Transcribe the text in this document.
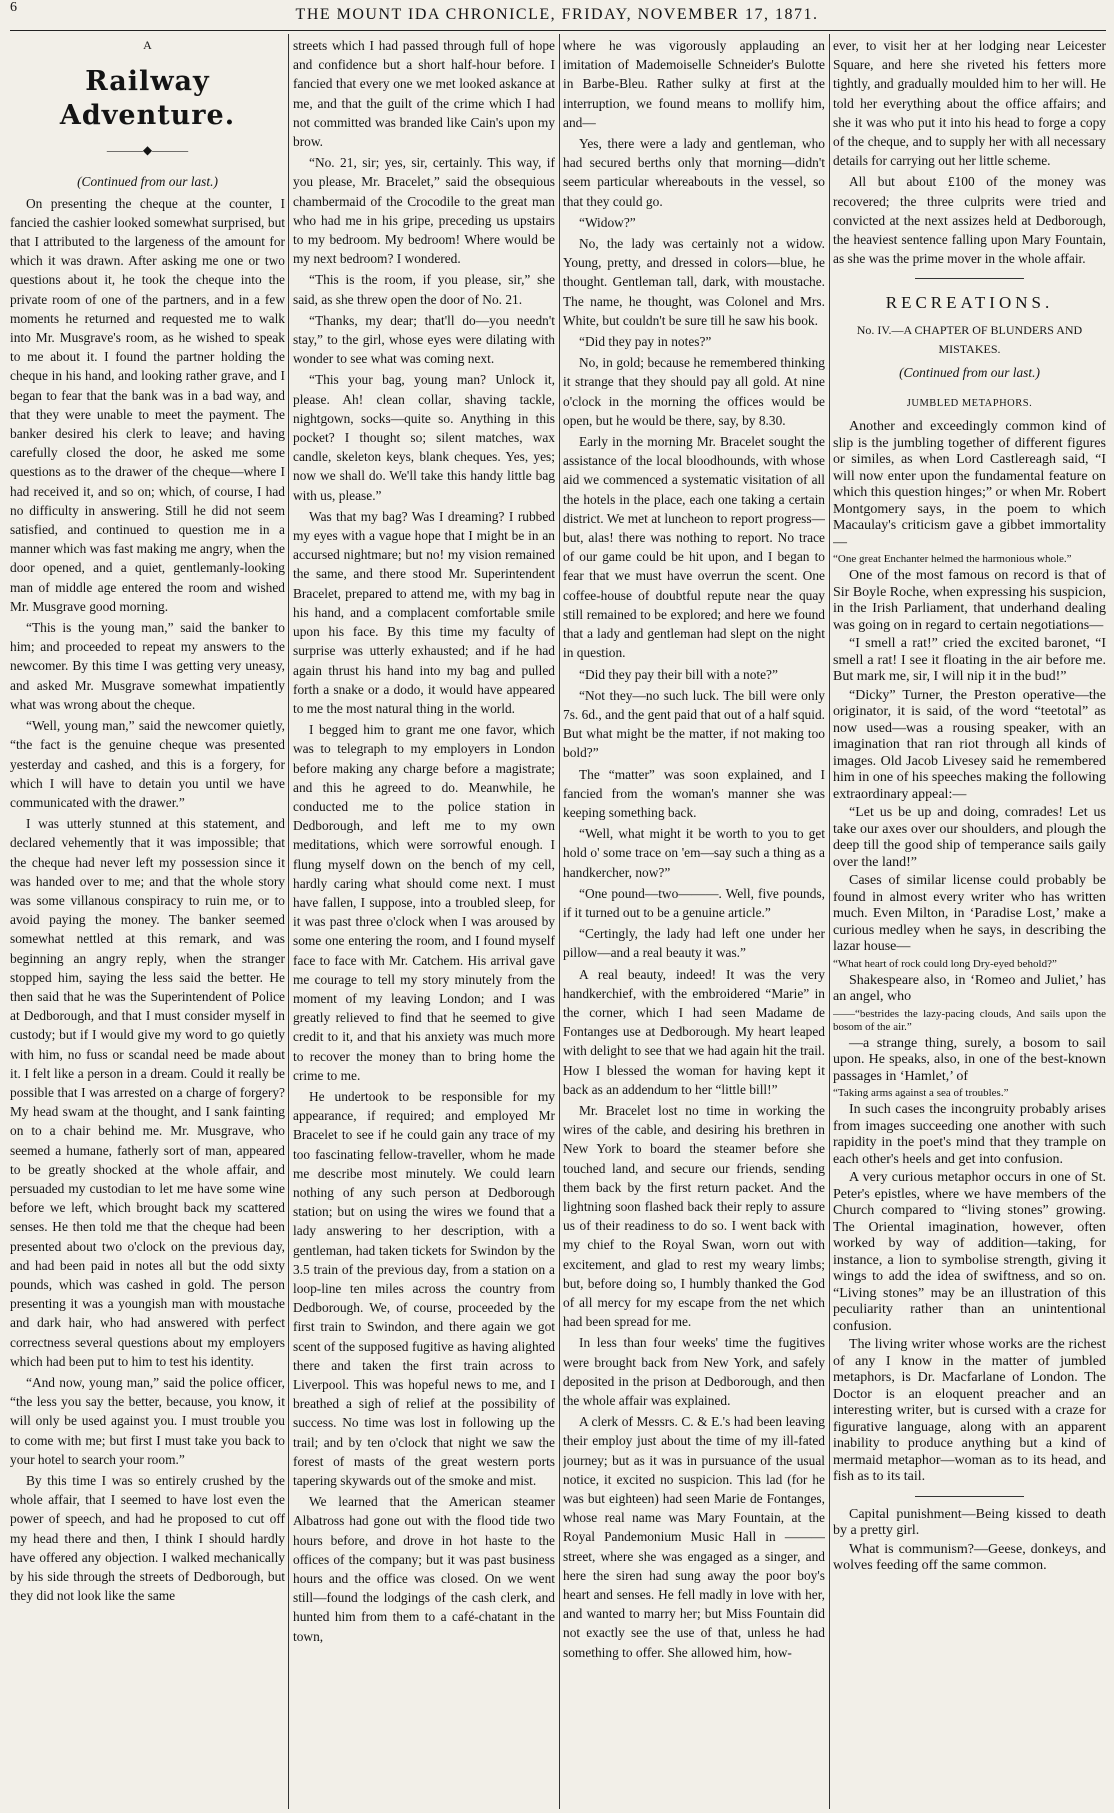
6	THE MOUNT IDA CHRONICLE, FRIDAY, NOVEMBER 17, 1871.

A

Railway Adventure.
———◆———

(Continued from our last.)

On presenting the cheque at the counter, I fancied the cashier looked somewhat surprised, but that I attributed to the largeness of the amount for which it was drawn. After asking me one or two questions about it, he took the cheque into the private room of one of the partners, and in a few moments he returned and requested me to walk into Mr. Musgrave's room, as he wished to speak to me about it. I found the partner holding the cheque in his hand, and looking rather grave, and I began to fear that the bank was in a bad way, and that they were unable to meet the payment. The banker desired his clerk to leave; and having carefully closed the door, he asked me some questions as to the drawer of the cheque—where I had received it, and so on; which, of course, I had no difficulty in answering. Still he did not seem satisfied, and continued to question me in a manner which was fast making me angry, when the door opened, and a quiet, gentlemanly-looking man of middle age entered the room and wished Mr. Musgrave good morning.

“This is the young man,” said the banker to him; and proceeded to repeat my answers to the newcomer. By this time I was getting very uneasy, and asked Mr. Musgrave somewhat impatiently what was wrong about the cheque.

“Well, young man,” said the newcomer quietly, “the fact is the genuine cheque was presented yesterday and cashed, and this is a forgery, for which I will have to detain you until we have communicated with the drawer.”

I was utterly stunned at this statement, and declared vehemently that it was impossible; that the cheque had never left my possession since it was handed over to me; and that the whole story was some villanous conspiracy to ruin me, or to avoid paying the money. The banker seemed somewhat nettled at this remark, and was beginning an angry reply, when the stranger stopped him, saying the less said the better. He then said that he was the Superintendent of Police at Dedborough, and that I must consider myself in custody; but if I would give my word to go quietly with him, no fuss or scandal need be made about it. I felt like a person in a dream. Could it really be possible that I was arrested on a charge of forgery? My head swam at the thought, and I sank fainting on to a chair behind me. Mr. Musgrave, who seemed a humane, fatherly sort of man, appeared to be greatly shocked at the whole affair, and persuaded my custodian to let me have some wine before we left, which brought back my scattered senses. He then told me that the cheque had been presented about two o'clock on the previous day, and had been paid in notes all but the odd sixty pounds, which was cashed in gold. The person presenting it was a youngish man with moustache and dark hair, who had answered with perfect correctness several questions about my employers which had been put to him to test his identity.

“And now, young man,” said the police officer, “the less you say the better, because, you know, it will only be used against you. I must trouble you to come with me; but first I must take you back to your hotel to search your room.”

By this time I was so entirely crushed by the whole affair, that I seemed to have lost even the power of speech, and had he proposed to cut off my head there and then, I think I should hardly have offered any objection. I walked mechanically by his side through the streets of Dedborough, but they did not look like the same

streets which I had passed through full of hope and confidence but a short half-hour before. I fancied that every one we met looked askance at me, and that the guilt of the crime which I had not committed was branded like Cain's upon my brow.

“No. 21, sir; yes, sir, certainly. This way, if you please, Mr. Bracelet,” said the obsequious chambermaid of the Crocodile to the great man who had me in his gripe, preceding us upstairs to my bedroom. My bedroom! Where would be my next bedroom? I wondered.

“This is the room, if you please, sir,” she said, as she threw open the door of No. 21.

“Thanks, my dear; that'll do—you needn't stay,” to the girl, whose eyes were dilating with wonder to see what was coming next.

“This your bag, young man? Unlock it, please. Ah! clean collar, shaving tackle, nightgown, socks—quite so. Anything in this pocket? I thought so; silent matches, wax candle, skeleton keys, blank cheques. Yes, yes; now we shall do. We'll take this handy little bag with us, please.”

Was that my bag? Was I dreaming? I rubbed my eyes with a vague hope that I might be in an accursed nightmare; but no! my vision remained the same, and there stood Mr. Superintendent Bracelet, prepared to attend me, with my bag in his hand, and a complacent comfortable smile upon his face. By this time my faculty of surprise was utterly exhausted; and if he had again thrust his hand into my bag and pulled forth a snake or a dodo, it would have appeared to me the most natural thing in the world.

I begged him to grant me one favor, which was to telegraph to my employers in London before making any charge before a magistrate; and this he agreed to do. Meanwhile, he conducted me to the police station in Dedborough, and left me to my own meditations, which were sorrowful enough. I flung myself down on the bench of my cell, hardly caring what should come next. I must have fallen, I suppose, into a troubled sleep, for it was past three o'clock when I was aroused by some one entering the room, and I found myself face to face with Mr. Catchem. His arrival gave me courage to tell my story minutely from the moment of my leaving London; and I was greatly relieved to find that he seemed to give credit to it, and that his anxiety was much more to recover the money than to bring home the crime to me.

He undertook to be responsible for my appearance, if required; and employed Mr Bracelet to see if he could gain any trace of my too fascinating fellow-traveller, whom he made me describe most minutely. We could learn nothing of any such person at Dedborough station; but on using the wires we found that a lady answering to her description, with a gentleman, had taken tickets for Swindon by the 3.5 train of the previous day, from a station on a loop-line ten miles across the country from Dedborough. We, of course, proceeded by the first train to Swindon, and there again we got scent of the supposed fugitive as having alighted there and taken the first train across to Liverpool. This was hopeful news to me, and I breathed a sigh of relief at the possibility of success. No time was lost in following up the trail; and by ten o'clock that night we saw the forest of masts of the great western ports tapering skywards out of the smoke and mist.

We learned that the American steamer Albatross had gone out with the flood tide two hours before, and drove in hot haste to the offices of the company; but it was past business hours and the office was closed. On we went still—found the lodgings of the cash clerk, and hunted him from them to a café-chatant in the town,

where he was vigorously applauding an imitation of Mademoiselle Schneider's Bulotte in Barbe-Bleu. Rather sulky at first at the interruption, we found means to mollify him, and—

Yes, there were a lady and gentleman, who had secured berths only that morning—didn't seem particular whereabouts in the vessel, so that they could go.

“Widow?”

No, the lady was certainly not a widow. Young, pretty, and dressed in colors—blue, he thought. Gentleman tall, dark, with moustache. The name, he thought, was Colonel and Mrs. White, but couldn't be sure till he saw his book.

“Did they pay in notes?”

No, in gold; because he remembered thinking it strange that they should pay all gold. At nine o'clock in the morning the offices would be open, but he would be there, say, by 8.30.

Early in the morning Mr. Bracelet sought the assistance of the local bloodhounds, with whose aid we commenced a systematic visitation of all the hotels in the place, each one taking a certain district. We met at luncheon to report progress—but, alas! there was nothing to report. No trace of our game could be hit upon, and I began to fear that we must have overrun the scent. One coffee-house of doubtful repute near the quay still remained to be explored; and here we found that a lady and gentleman had slept on the night in question.

“Did they pay their bill with a note?”

“Not they—no such luck. The bill were only 7s. 6d., and the gent paid that out of a half squid. But what might be the matter, if not making too bold?”

The “matter” was soon explained, and I fancied from the woman's manner she was keeping something back.

“Well, what might it be worth to you to get hold o' some trace on 'em—say such a thing as a handkercher, now?”

“One pound—two———. Well, five pounds, if it turned out to be a genuine article.”

“Certingly, the lady had left one under her pillow—and a real beauty it was.”

A real beauty, indeed! It was the very handkerchief, with the embroidered “Marie” in the corner, which I had seen Madame de Fontanges use at Dedborough. My heart leaped with delight to see that we had again hit the trail. How I blessed the woman for having kept it back as an addendum to her “little bill!”

Mr. Bracelet lost no time in working the wires of the cable, and desiring his brethren in New York to board the steamer before she touched land, and secure our friends, sending them back by the first return packet. And the lightning soon flashed back their reply to assure us of their readiness to do so. I went back with my chief to the Royal Swan, worn out with excitement, and glad to rest my weary limbs; but, before doing so, I humbly thanked the God of all mercy for my escape from the net which had been spread for me.

In less than four weeks' time the fugitives were brought back from New York, and safely deposited in the prison at Dedborough, and then the whole affair was explained.

A clerk of Messrs. C. & E.'s had been leaving their employ just about the time of my ill-fated journey; but as it was in pursuance of the usual notice, it excited no suspicion. This lad (for he was but eighteen) had seen Marie de Fontanges, whose real name was Mary Fountain, at the Royal Pandemonium Music Hall in ——— street, where she was engaged as a singer, and here the siren had sung away the poor boy's heart and senses. He fell madly in love with her, and wanted to marry her; but Miss Fountain did not exactly see the use of that, unless he had something to offer. She allowed him, how-

ever, to visit her at her lodging near Leicester Square, and here she riveted his fetters more tightly, and gradually moulded him to her will. He told her everything about the office affairs; and she it was who put it into his head to forge a copy of the cheque, and to supply her with all necessary details for carrying out her little scheme.

All but about £100 of the money was recovered; the three culprits were tried and convicted at the next assizes held at Dedborough, the heaviest sentence falling upon Mary Fountain, as she was the prime mover in the whole affair.

RECREATIONS.
No. IV.—A CHAPTER OF BLUNDERS AND MISTAKES.

(Continued from our last.)

JUMBLED METAPHORS.

Another and exceedingly common kind of slip is the jumbling together of different figures or similes, as when Lord Castlereagh said, “I will now enter upon the fundamental feature on which this question hinges;” or when Mr. Robert Montgomery says, in the poem to which Macaulay's criticism gave a gibbet immortality—

“One great Enchanter helmed the harmonious whole.”

One of the most famous on record is that of Sir Boyle Roche, when expressing his suspicion, in the Irish Parliament, that underhand dealing was going on in regard to certain negotiations—

“I smell a rat!” cried the excited baronet, “I smell a rat! I see it floating in the air before me. But mark me, sir, I will nip it in the bud!”

“Dicky” Turner, the Preston operative—the originator, it is said, of the word “teetotal” as now used—was a rousing speaker, with an imagination that ran riot through all kinds of images. Old Jacob Livesey said he remembered him in one of his speeches making the following extraordinary appeal:—

“Let us be up and doing, comrades! Let us take our axes over our shoulders, and plough the deep till the good ship of temperance sails gaily over the land!”

Cases of similar license could probably be found in almost every writer who has written much. Even Milton, in ‘Paradise Lost,’ make a curious medley when he says, in describing the lazar house—

“What heart of rock could long Dry-eyed behold?”

Shakespeare also, in ‘Romeo and Juliet,’ has an angel, who

——“bestrides the lazy-pacing clouds, And sails upon the bosom of the air.”

—a strange thing, surely, a bosom to sail upon. He speaks, also, in one of the best-known passages in ‘Hamlet,’ of

“Taking arms against a sea of troubles.”

In such cases the incongruity probably arises from images succeeding one another with such rapidity in the poet's mind that they trample on each other's heels and get into confusion.

A very curious metaphor occurs in one of St. Peter's epistles, where we have members of the Church compared to “living stones” growing. The Oriental imagination, however, often worked by way of addition—taking, for instance, a lion to symbolise strength, giving it wings to add the idea of swiftness, and so on. “Living stones” may be an illustration of this peculiarity rather than an unintentional confusion.

The living writer whose works are the richest of any I know in the matter of jumbled metaphors, is Dr. Macfarlane of London. The Doctor is an eloquent preacher and an interesting writer, but is cursed with a craze for figurative language, along with an apparent inability to produce anything but a kind of mermaid metaphor—woman as to its head, and fish as to its tail.

Capital punishment—Being kissed to death by a pretty girl.

What is communism?—Geese, donkeys, and wolves feeding off the same common.
